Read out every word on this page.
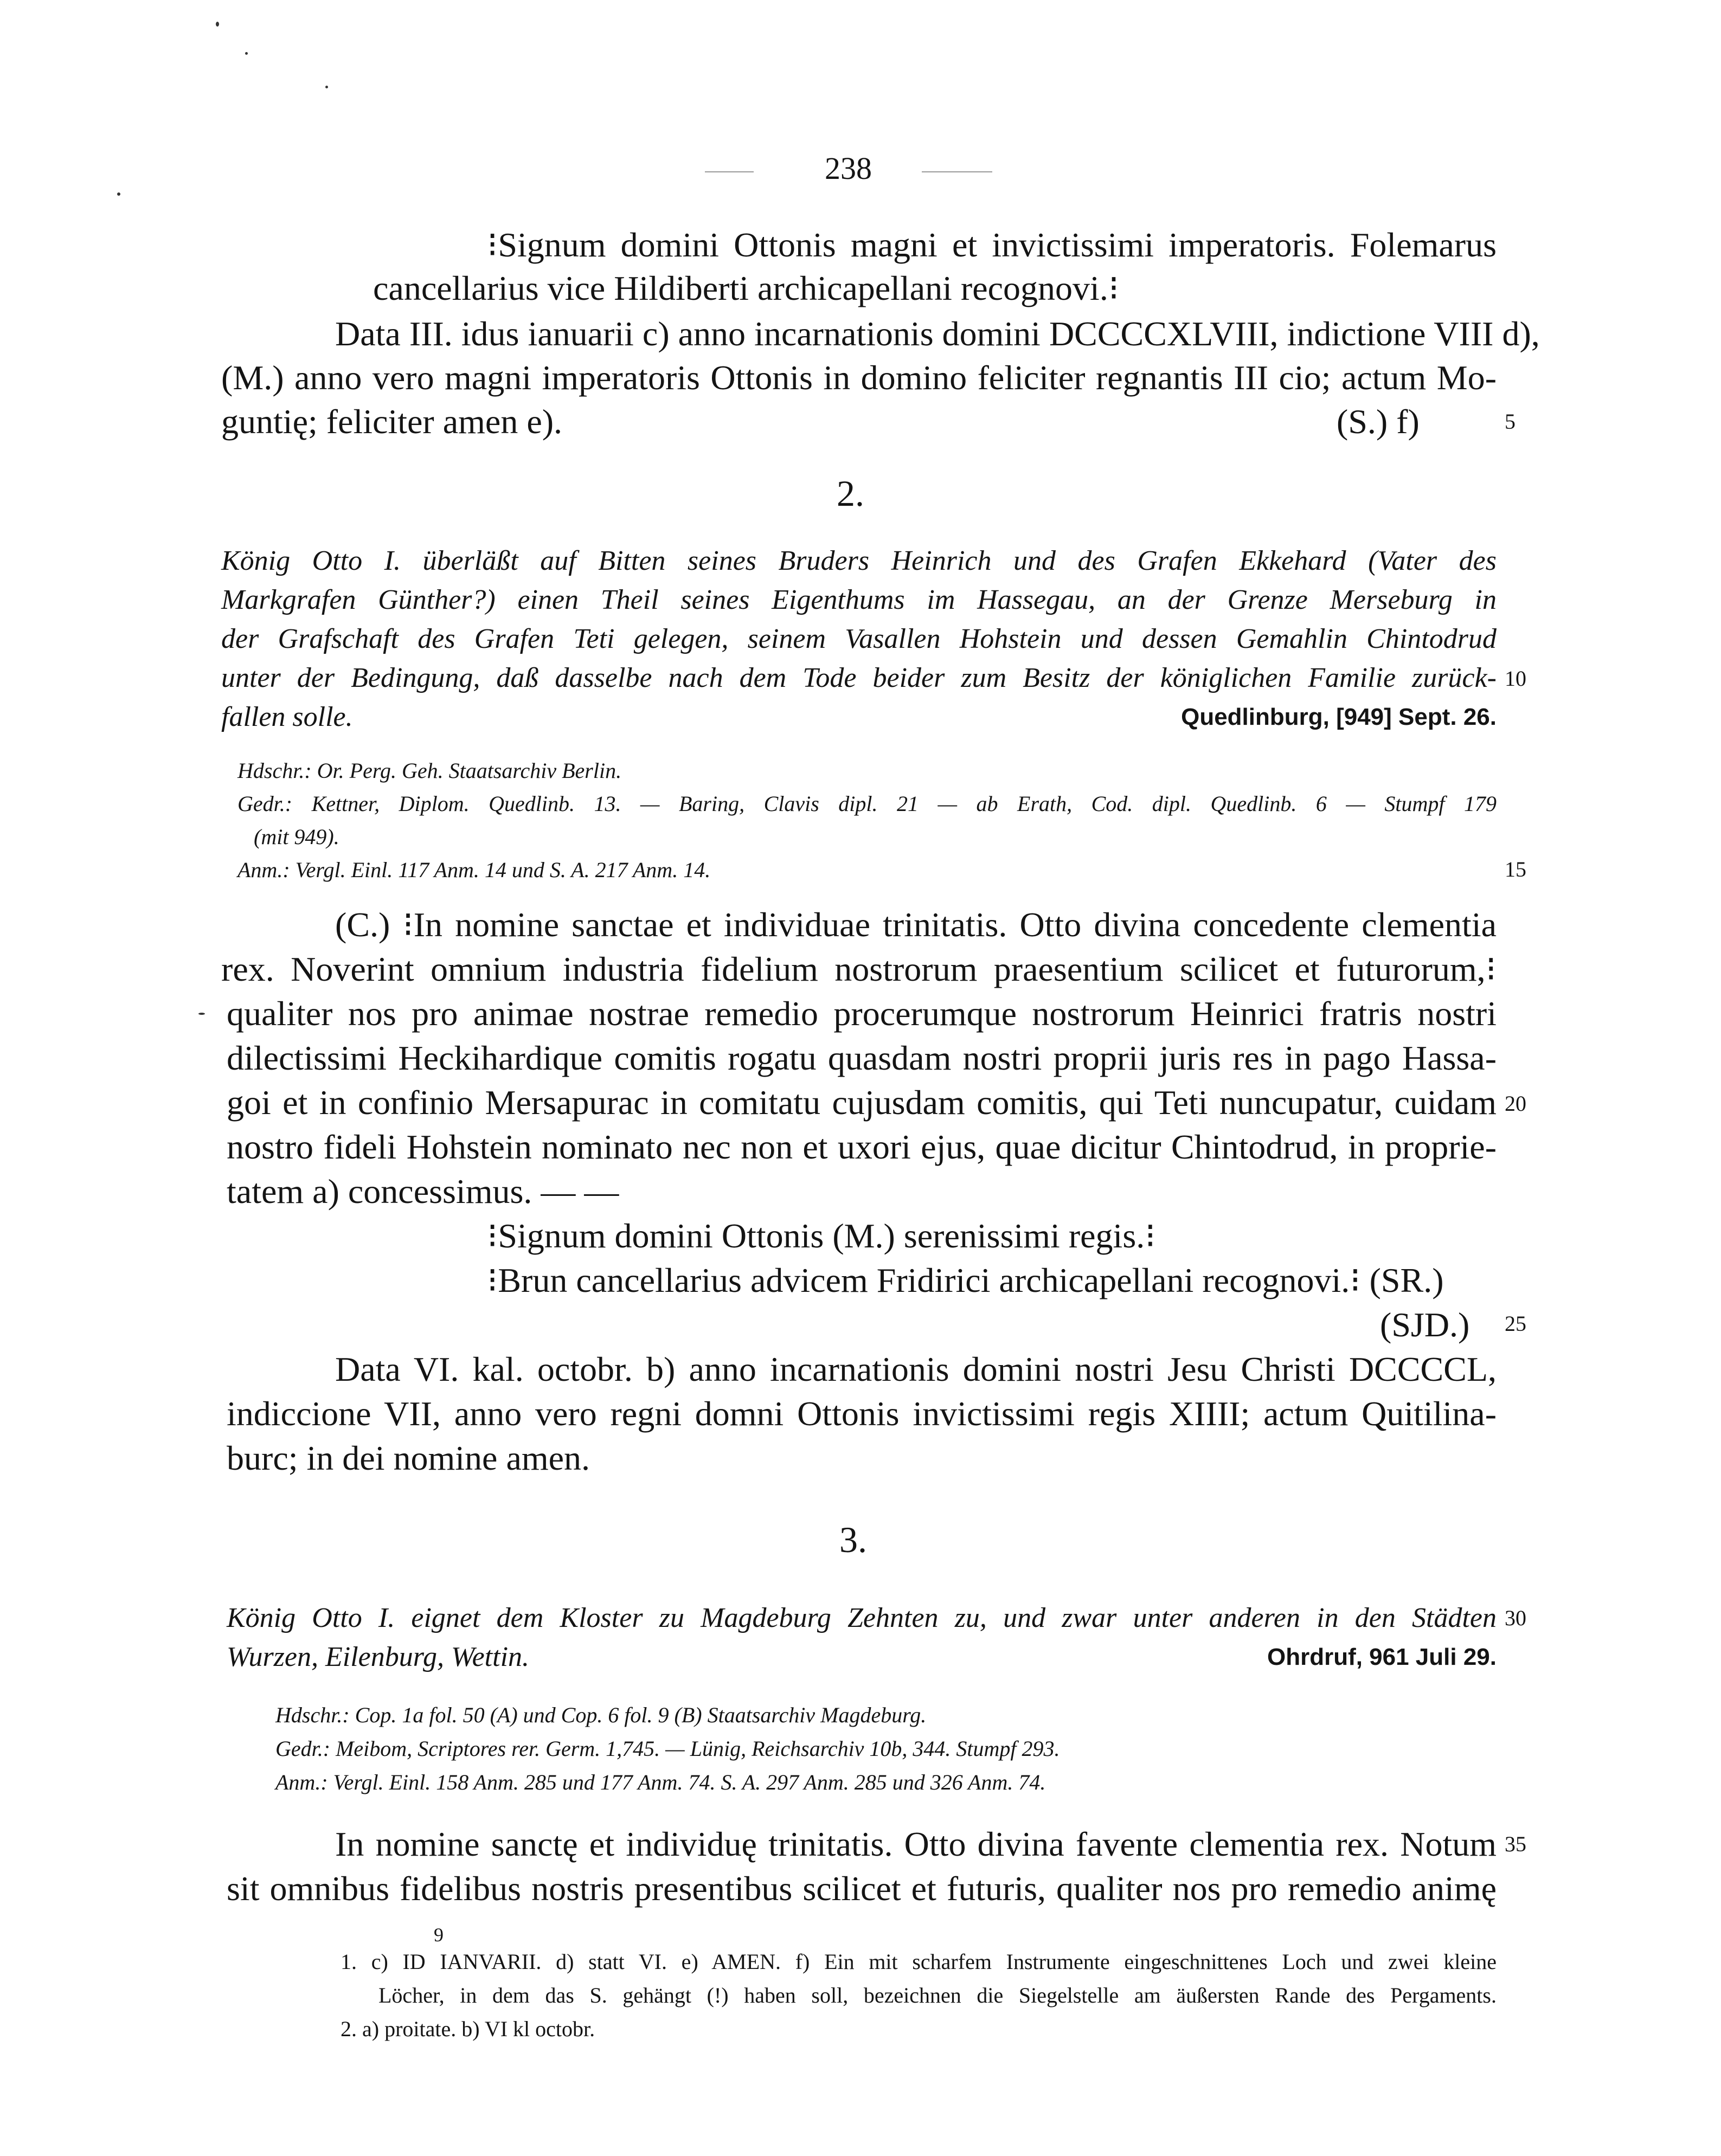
238
⁝Signum domini Ottonis magni et invictissimi imperatoris. Folemarus
cancellarius vice Hildiberti archicapellani recognovi.⁝
Data III. idus ianuarii c) anno incarnationis domini DCCCCXLVIII, indictione VIII d),
(M.) anno vero magni imperatoris Ottonis in domino feliciter regnantis III cio; actum Mo-
guntię; feliciter amen e).	(S.) f)
2.
König Otto I. überläßt auf Bitten seines Bruders Heinrich und des Grafen Ekkehard (Vater des
Markgrafen Günther?) einen Theil seines Eigenthums im Hassegau, an der Grenze Merseburg in
der Grafschaft des Grafen Teti gelegen, seinem Vasallen Hohstein und dessen Gemahlin Chintodrud
unter der Bedingung, daß dasselbe nach dem Tode beider zum Besitz der königlichen Familie zurück-
fallen solle.	Quedlinburg, [949] Sept. 26.
Hdschr.: Or. Perg. Geh. Staatsarchiv Berlin.
Gedr.: Kettner, Diplom. Quedlinb. 13. — Baring, Clavis dipl. 21 — ab Erath, Cod. dipl. Quedlinb. 6 — Stumpf 179
(mit 949).
Anm.: Vergl. Einl. 117 Anm. 14 und S. A. 217 Anm. 14.
(C.) ⁝In nomine sanctae et individuae trinitatis. Otto divina concedente clementia
rex. Noverint omnium industria fidelium nostrorum praesentium scilicet et futurorum,⁝
qualiter nos pro animae nostrae remedio procerumque nostrorum Heinrici fratris nostri
dilectissimi Heckihardique comitis rogatu quasdam nostri proprii juris res in pago Hassa-
goi et in confinio Mersapurac in comitatu cujusdam comitis, qui Teti nuncupatur, cuidam
nostro fideli Hohstein nominato nec non et uxori ejus, quae dicitur Chintodrud, in proprie-
tatem a) concessimus. — —
⁝Signum domini Ottonis (M.) serenissimi regis.⁝
⁝Brun cancellarius advicem Fridirici archicapellani recognovi.⁝ (SR.)
(SJD.)
Data VI. kal. octobr. b) anno incarnationis domini nostri Jesu Christi DCCCCL,
indiccione VII, anno vero regni domni Ottonis invictissimi regis XIIII; actum Quitilina-
burc; in dei nomine amen.
3.
König Otto I. eignet dem Kloster zu Magdeburg Zehnten zu, und zwar unter anderen in den Städten
Wurzen, Eilenburg, Wettin.	Ohrdruf, 961 Juli 29.
Hdschr.: Cop. 1a fol. 50 (A) und Cop. 6 fol. 9 (B) Staatsarchiv Magdeburg.
Gedr.: Meibom, Scriptores rer. Germ. 1,745. — Lünig, Reichsarchiv 10b, 344. Stumpf 293.
Anm.: Vergl. Einl. 158 Anm. 285 und 177 Anm. 74. S. A. 297 Anm. 285 und 326 Anm. 74.
In nomine sanctę et individuę trinitatis. Otto divina favente clementia rex. Notum
sit omnibus fidelibus nostris presentibus scilicet et futuris, qualiter nos pro remedio animę
9
1. c) ID IANVARII. d) statt VI. e) AMEN. f) Ein mit scharfem Instrumente eingeschnittenes Loch und zwei kleine
Löcher, in dem das S. gehängt (!) haben soll, bezeichnen die Siegelstelle am äußersten Rande des Pergaments.
2. a) proitate. b) VI kl octobr.
5
10
15
20
25
30
35
